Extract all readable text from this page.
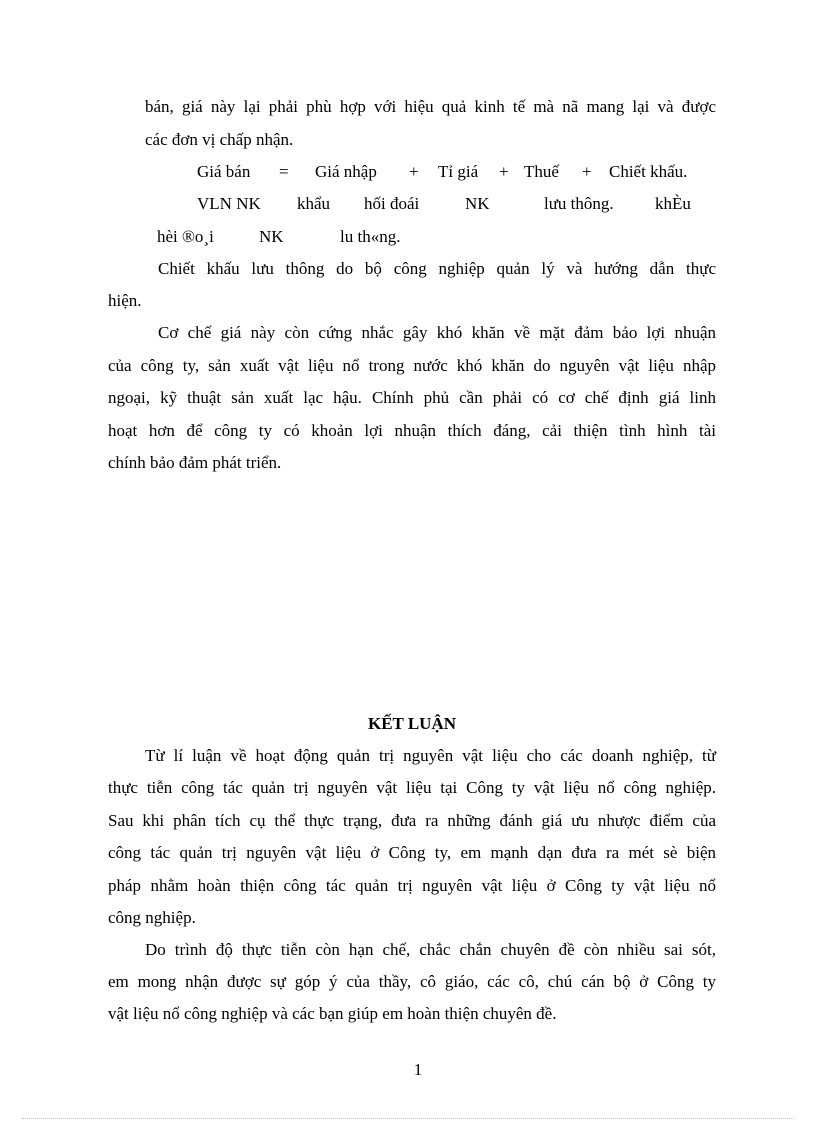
bán, giá này lại phải phù hợp với hiệu quả kinh tế mà nã mang lại và được
các đơn vị chấp nhận.
Giá bán = Giá nhập + Tỉ giá + Thuế + Chiết khấu.
VLN NK khẩu hối đoái	NK	lưu thông. khÈu
hèi ®o¸i	NK	lu th«ng.
Chiết khấu lưu thông do bộ công nghiệp quản lý và hướng dẫn thực
hiện.
Cơ chế giá này còn cứng nhắc gây khó khăn về mặt đảm bảo lợi nhuận
của công ty, sản xuất vật liệu nổ trong nước khó khăn do nguyên vật liệu nhập
ngoại, kỹ thuật sản xuất lạc hậu. Chính phủ cần phải có cơ chế định giá linh
hoạt hơn để công ty có khoản lợi nhuận thích đáng, cải thiện tình hình tài
chính bảo đảm phát triển.
KẾT LUẬN
Từ lí luận về hoạt động quản trị nguyên vật liệu cho các doanh nghiệp, từ
thực tiễn công tác quản trị nguyên vật liệu tại Công ty vật liệu nổ công nghiệp.
Sau khi phân tích cụ thể thực trạng, đưa ra những đánh giá ưu nhược điểm của
công tác quản trị nguyên vật liệu ở Công ty, em mạnh dạn đưa ra mét sè biện
pháp nhằm hoàn thiện công tác quản trị nguyên vật liệu ở Công ty vật liệu nổ
công nghiệp.
Do trình độ thực tiễn còn hạn chế, chắc chắn chuyên đề còn nhiều sai sót,
em mong nhận được sự góp ý của thầy, cô giáo, các cô, chú cán bộ ở Công ty
vật liệu nổ công nghiệp và các bạn giúp em hoàn thiện chuyên đề.
1
